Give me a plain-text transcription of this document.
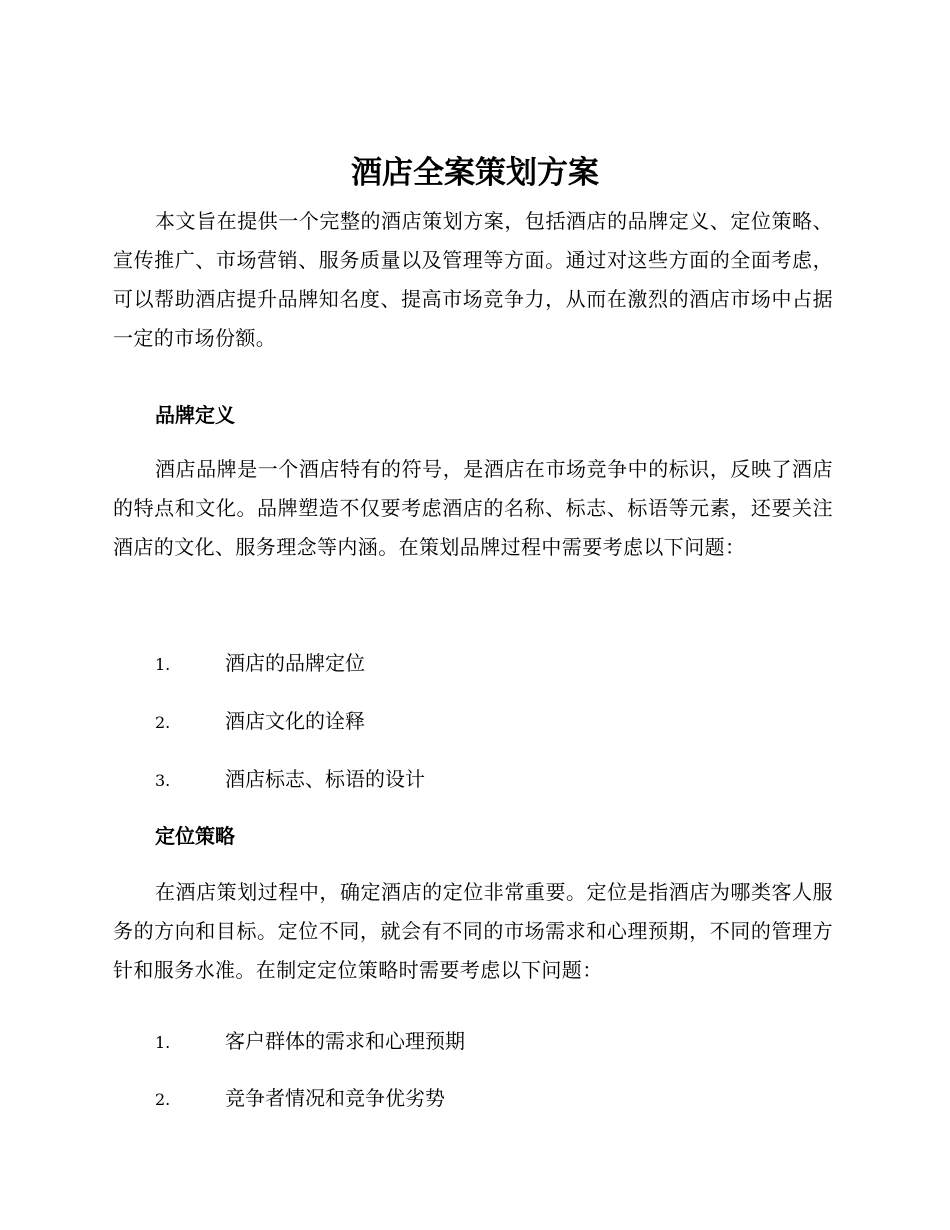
酒店全案策划方案

本文旨在提供一个完整的酒店策划方案，包括酒店的品牌定义、定位策略、宣传推广、市场营销、服务质量以及管理等方面。通过对这些方面的全面考虑，可以帮助酒店提升品牌知名度、提高市场竞争力，从而在激烈的酒店市场中占据一定的市场份额。

品牌定义

酒店品牌是一个酒店特有的符号，是酒店在市场竞争中的标识，反映了酒店的特点和文化。品牌塑造不仅要考虑酒店的名称、标志、标语等元素，还要关注酒店的文化、服务理念等内涵。在策划品牌过程中需要考虑以下问题：

1.	酒店的品牌定位
2.	酒店文化的诠释
3.	酒店标志、标语的设计
定位策略

在酒店策划过程中，确定酒店的定位非常重要。定位是指酒店为哪类客人服务的方向和目标。定位不同，就会有不同的市场需求和心理预期，不同的管理方针和服务水准。在制定定位策略时需要考虑以下问题：

1.	客户群体的需求和心理预期
2.	竞争者情况和竞争优劣势
